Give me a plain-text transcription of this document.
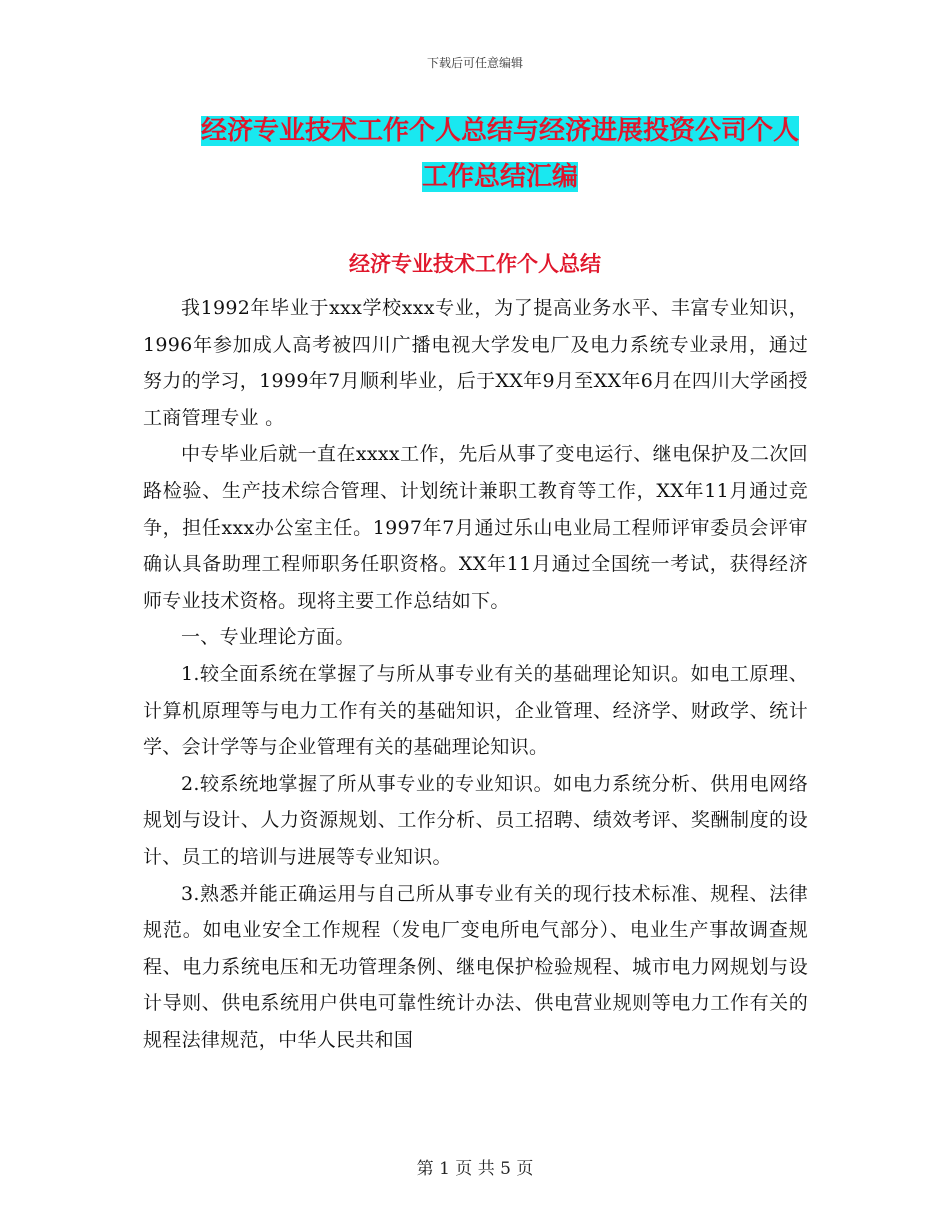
下载后可任意编辑
经济专业技术工作个人总结与经济进展投资公司个人
工作总结汇编
经济专业技术工作个人总结

我1992年毕业于xxx学校xxx专业，为了提高业务水平、丰富专业知识，1996年参加成人高考被四川广播电视大学发电厂及电力系统专业录用，通过努力的学习，1999年7月顺利毕业，后于XX年9月至XX年6月在四川大学函授工商管理专业 。

中专毕业后就一直在xxxx工作，先后从事了变电运行、继电保护及二次回路检验、生产技术综合管理、计划统计兼职工教育等工作，XX年11月通过竞争，担任xxx办公室主任。1997年7月通过乐山电业局工程师评审委员会评审确认具备助理工程师职务任职资格。XX年11月通过全国统一考试，获得经济师专业技术资格。现将主要工作总结如下。

一、专业理论方面。

1.较全面系统在掌握了与所从事专业有关的基础理论知识。如电工原理、计算机原理等与电力工作有关的基础知识，企业管理、经济学、财政学、统计学、会计学等与企业管理有关的基础理论知识。

2.较系统地掌握了所从事专业的专业知识。如电力系统分析、供用电网络规划与设计、人力资源规划、工作分析、员工招聘、绩效考评、奖酬制度的设计、员工的培训与进展等专业知识。

3.熟悉并能正确运用与自己所从事专业有关的现行技术标准、规程、法律规范。如电业安全工作规程（发电厂变电所电气部分）、电业生产事故调查规程、电力系统电压和无功管理条例、继电保护检验规程、城市电力网规划与设计导则、供电系统用户供电可靠性统计办法、供电营业规则等电力工作有关的规程法律规范，中华人民共和国

第 1 页 共 5 页
